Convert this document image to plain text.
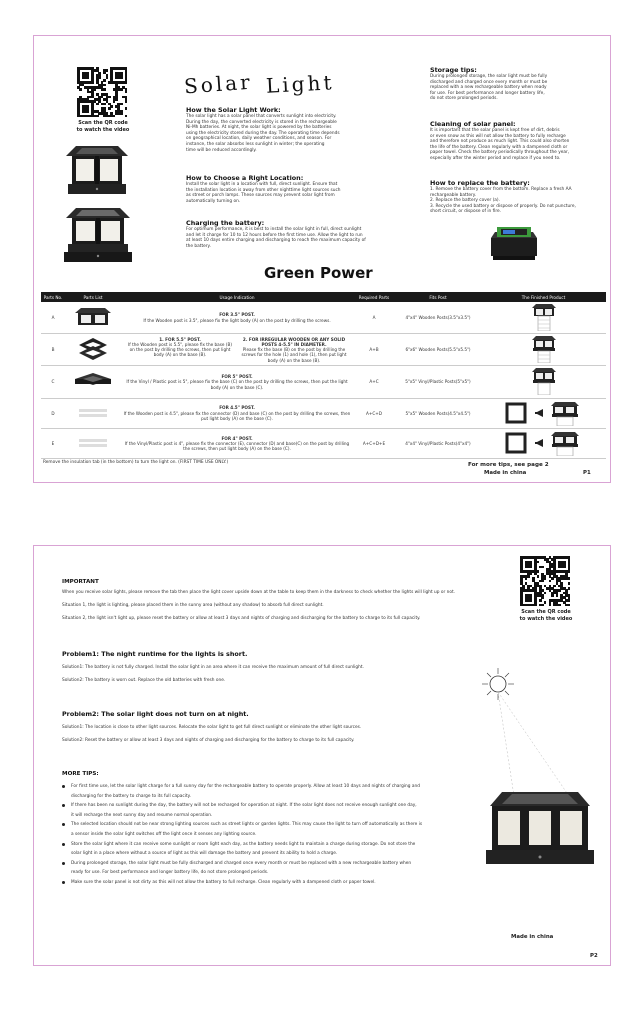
Scan the QR code
to watch the video
Solar Light
How the Solar Light Work:
The solar light has a solar panel that converts sunlight into electricity.
During the day, the converted electricity is stored in the rechargeable
Ni-Mh batteries. At night, the solar light is powered by the batteries
using the electricity stored during the day. The operating time depends
on geographical location, daily weather conditions, and season. For
instance, the solar absorbs less sunlight in winter; the operating
time will be reduced accordingly.
How to Choose a Right Location:
Install the solar light in a location with full, direct sunlight. Ensure that
the installation location is away from other nighttime light sources such
as street or porch lamps. These sources may prevent solar light from
automatically turning on.
Charging the battery:
For optimum performance, it is best to install the solar light in full, direct sunlight
and let it charge for 10 to 12 hours before the first time use. Allow the light to run
at least 10 days entire charging and discharging to reach the maximum capacity of
the battery.
Storage tips:
During prolonged storage, the solar light must be fully
discharged and charged once every month or must be
replaced with a new rechargeable battery when ready
for use. For best performance and longer battery life,
do not store prolonged periods.
Cleaning of solar panel:
It is important that the solar panel is kept free of dirt, debris
or even snow as this will not allow the battery to fully recharge
and therefore not produce as much light. This could also shorten
the life of the battery. Clean regularly with a dampened cloth or
paper towel. Check the battery periodically throughout the year,
especially after the winter period and replace if you need to.
How to replace the battery:
1. Remove the battery cover from the bottom. Replace a fresh AA
rechargeable battery.
2. Replace the battery cover (a).
3. Recycle the used battery or dispose of properly. Do not puncture,
short circuit, or dispose of in fire.
Green Power
Parts No.	Parts List	Usage Indication	Required Parts	Fits Post	The Finished Product
A		FOR 3.5" POST.
If the Wooden post is 3.5", please fix the light body (A) on the post by drilling the screws.	A	4"x4" Wooden Posts(3.5"x3.5")	
B		1. FOR 5.5" POST.
If the Wooden post is 5.5", please fix the base (B) on the post by drilling the screws, then put light body (A) on the base (B).
2. FOR IRREGULAR WOODEN OR ANY SOLID POSTS 4-5.5" IN DIAMETER.
Please fix the base (B) on the post by drilling the screws for the hole (1) and hole (1), then put light body (A) on the base (B).	A+B	6"x6" Wooden Posts(5.5"x5.5")	
C		FOR 5" POST.
If the Vinyl / Plastic post is 5", please fix the base (C) on the post by drilling the screws, then put the light body (A) on the base (C).	A+C	5"x5" Vinyl/Plastic Posts(5"x5")	
D		FOR 4.5" POST.
If the Wooden post is 4.5", please fix the connector (D) and base (C) on the post by drilling the screws, then put light body (A) on the base (C).	A+C+D	5"x5" Wooden Posts(4.5"x4.5")	
E		FOR 4" POST.
If the Vinyl/Plastic post is 4", please fix the connector (E), connector (D) and base(C) on the post by drilling the screws, then put light body (A) on the base (C).	A+C+D+E	4"x4" Vinyl/Plastic Posts(4"x4")	
Remove the insulation tab (in the bottom) to turn the light on. (FIRST TIME USE ONLY.)	For more tips, see page 2
Made in china	P1
IMPORTANT
When you receive solar lights, please remove the tab then place the light cover upside down at the table to keep them in the darkness to check whether the lights will light up or not.
Situation 1, the light is lighting, please placed them in the sunny area (without any shadow) to absorb full direct sunlight.
Situation 2, the light isn't light up, please reset the battery or allow at least 3 days and nights of charging and discharging for the battery to charge to its full capacity.
Problem1: The night runtime for the lights is short.
Solution1: The battery is not fully charged. Install the solar light in an area where it can receive the maximum amount of full direct sunlight.
Solution2: The battery is worn out. Replace the old batteries with fresh one.
Problem2: The solar light does not turn on at night.
Solution1: The location is close to other light sources. Relocate the solar light to get full direct sunlight or eliminate the other light sources.
Solution2: Reset the battery or allow at least 3 days and nights of charging and discharging for the battery to charge to its full capacity.
MORE TIPS:
For first time use, let the solar light charge for a full sunny day for the rechargeable battery to operate properly. Allow at least 10 days and nights of charging and
discharging for the battery to charge to its full capacity.
If there has been no sunlight during the day, the battery will not be recharged for operation at night. If the solar light does not receive enough sunlight one day,
it will recharge the next sunny day and resume normal operation.
The selected location should not be near strong lighting sources such as street lights or garden lights. This may cause the light to turn off automatically as there is
a sensor inside the solar light switches off the light once it senses any lighting source.
Store the solar light where it can receive some sunlight or room light each day, as the battery needs light to maintain a charge during storage. Do not store the
solar light in a place where without a source of light as this will damage the battery and prevent its ability to hold a charge.
During prolonged storage, the solar light must be fully discharged and charged once every month or must be replaced with a new rechargeable battery when
ready for use. For best performance and longer battery life, do not store prolonged periods.
Make sure the solar panel is not dirty as this will not allow the battery to full recharge. Clean regularly with a dampened cloth or paper towel.
Scan the QR code
to watch the video
Made in china
P2
